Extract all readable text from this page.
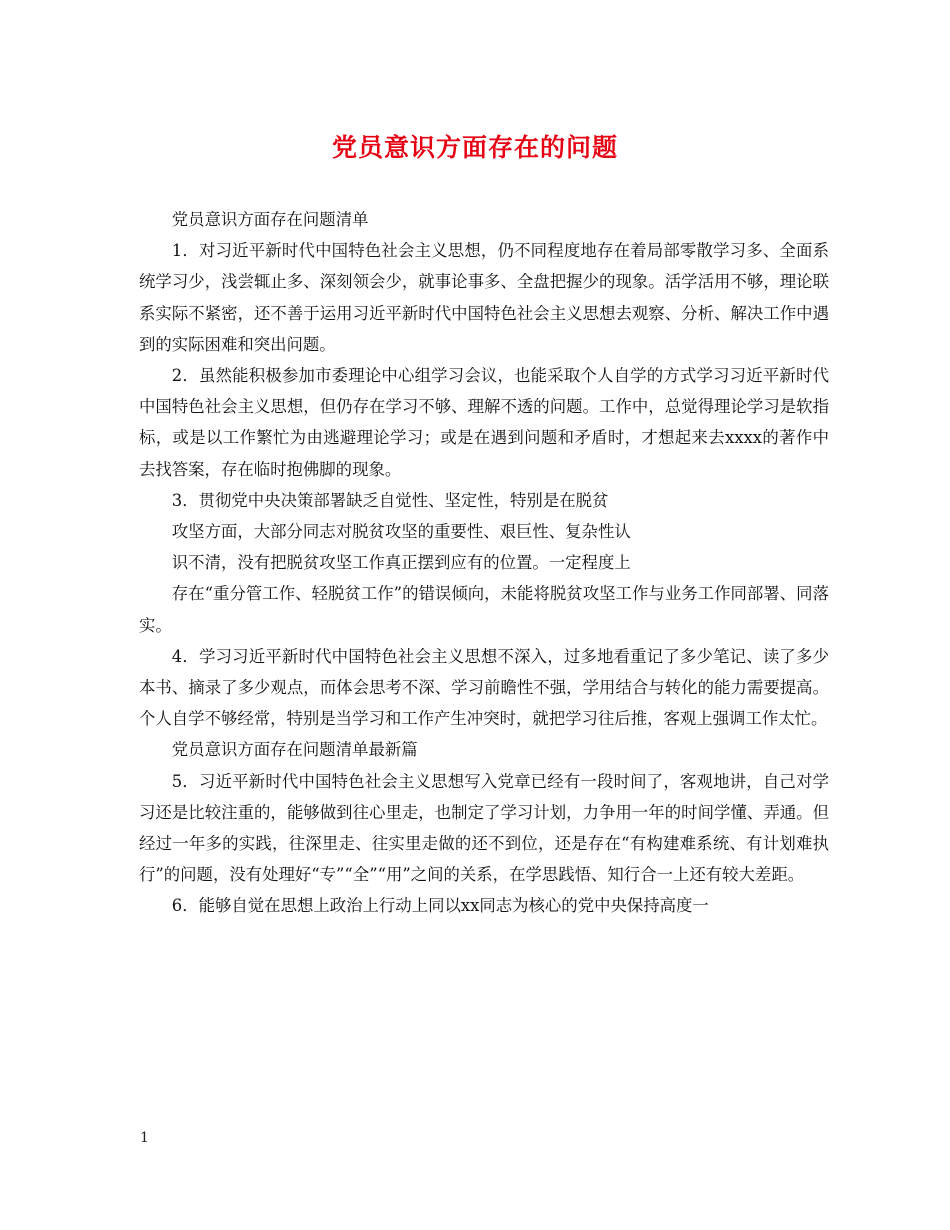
党员意识方面存在的问题

党员意识方面存在问题清单

1．对习近平新时代中国特色社会主义思想，仍不同程度地存在着局部零散学习多、全面系统学习少，浅尝辄止多、深刻领会少，就事论事多、全盘把握少的现象。活学活用不够，理论联系实际不紧密，还不善于运用习近平新时代中国特色社会主义思想去观察、分析、解决工作中遇到的实际困难和突出问题。

2．虽然能积极参加市委理论中心组学习会议，也能采取个人自学的方式学习习近平新时代中国特色社会主义思想，但仍存在学习不够、理解不透的问题。工作中，总觉得理论学习是软指标，或是以工作繁忙为由逃避理论学习；或是在遇到问题和矛盾时，才想起来去xxxx的著作中去找答案，存在临时抱佛脚的现象。

3．贯彻党中央决策部署缺乏自觉性、坚定性，特别是在脱贫

攻坚方面，大部分同志对脱贫攻坚的重要性、艰巨性、复杂性认

识不清，没有把脱贫攻坚工作真正摆到应有的位置。一定程度上

存在“重分管工作、轻脱贫工作”的错误倾向，未能将脱贫攻坚工作与业务工作同部署、同落实。

4．学习习近平新时代中国特色社会主义思想不深入，过多地看重记了多少笔记、读了多少本书、摘录了多少观点，而体会思考不深、学习前瞻性不强，学用结合与转化的能力需要提高。个人自学不够经常，特别是当学习和工作产生冲突时，就把学习往后推，客观上强调工作太忙。

党员意识方面存在问题清单最新篇

5．习近平新时代中国特色社会主义思想写入党章已经有一段时间了，客观地讲，自己对学习还是比较注重的，能够做到往心里走，也制定了学习计划，力争用一年的时间学懂、弄通。但经过一年多的实践，往深里走、往实里走做的还不到位，还是存在“有构建难系统、有计划难执行”的问题，没有处理好“专”“全”“用”之间的关系，在学思践悟、知行合一上还有较大差距。

6．能够自觉在思想上政治上行动上同以xx同志为核心的党中央保持高度一

1
